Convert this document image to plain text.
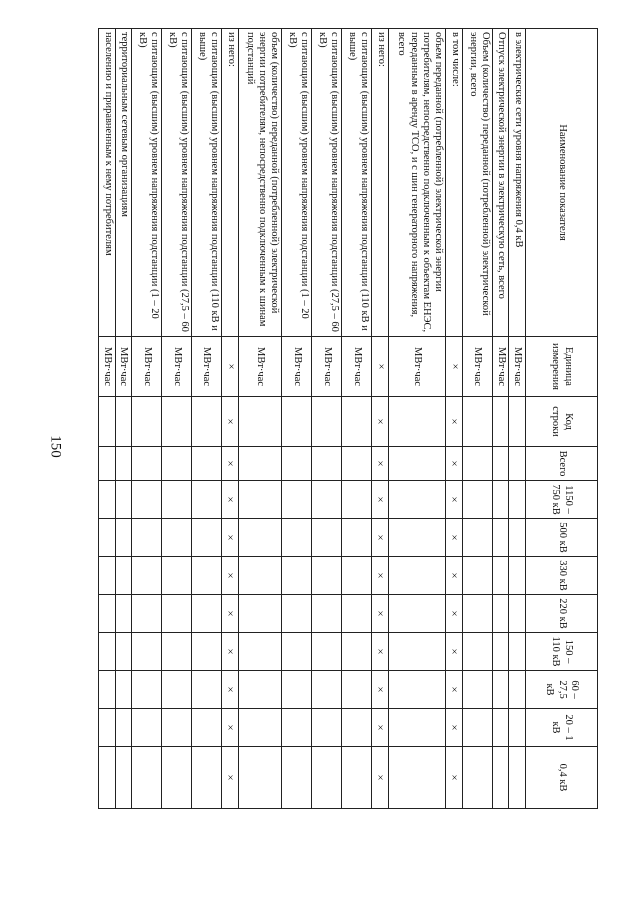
150
Наименование показателя	Единица измерения	Код строки	Всего	1150 – 750 кВ	500 кВ	330 кВ	220 кВ	150 – 110 кВ	60 – 27,5 кВ	20 – 1 кВ	0,4 кВ
в электрические сети уровня напряжения 0,4 кВ	МВт·час										
Отпуск электрической энергии в электрическую сеть, всего	МВт·час										
Объем (количество) переданной (потребленной) электрической энергии, всего	МВт·час										
в том числе:	×	×	×	×	×	×	×	×	×	×	×
объем переданной (потребленной) электрической энергии потребителям, непосредственно подключенным к объектам ЕНЭС, переданным в аренду ТСО, и с шин генераторного напряжения, всего	МВт·час										
из него:	×	×	×	×	×	×	×	×	×	×	×
с питающим (высшим) уровнем напряжения подстанции (110 кВ и выше)	МВт·час										
с питающим (высшим) уровнем напряжения подстанции (27,5 – 60 кВ)	МВт·час										
с питающим (высшим) уровнем напряжения подстанции (1 – 20 кВ)	МВт·час										
объем (количество) переданной (потребленной) электрической энергии потребителям, непосредственно подключенным к шинам подстанций	МВт·час										
из него:	×	×	×	×	×	×	×	×	×	×	×
с питающим (высшим) уровнем напряжения подстанции (110 кВ и выше)	МВт·час										
с питающим (высшим) уровнем напряжения подстанции (27,5 – 60 кВ)	МВт·час										
с питающим (высшим) уровнем напряжения подстанции (1 – 20 кВ)	МВт·час										
территориальным сетевым организациям	МВт·час										
населению и приравненным к нему потребителям	МВт·час										
